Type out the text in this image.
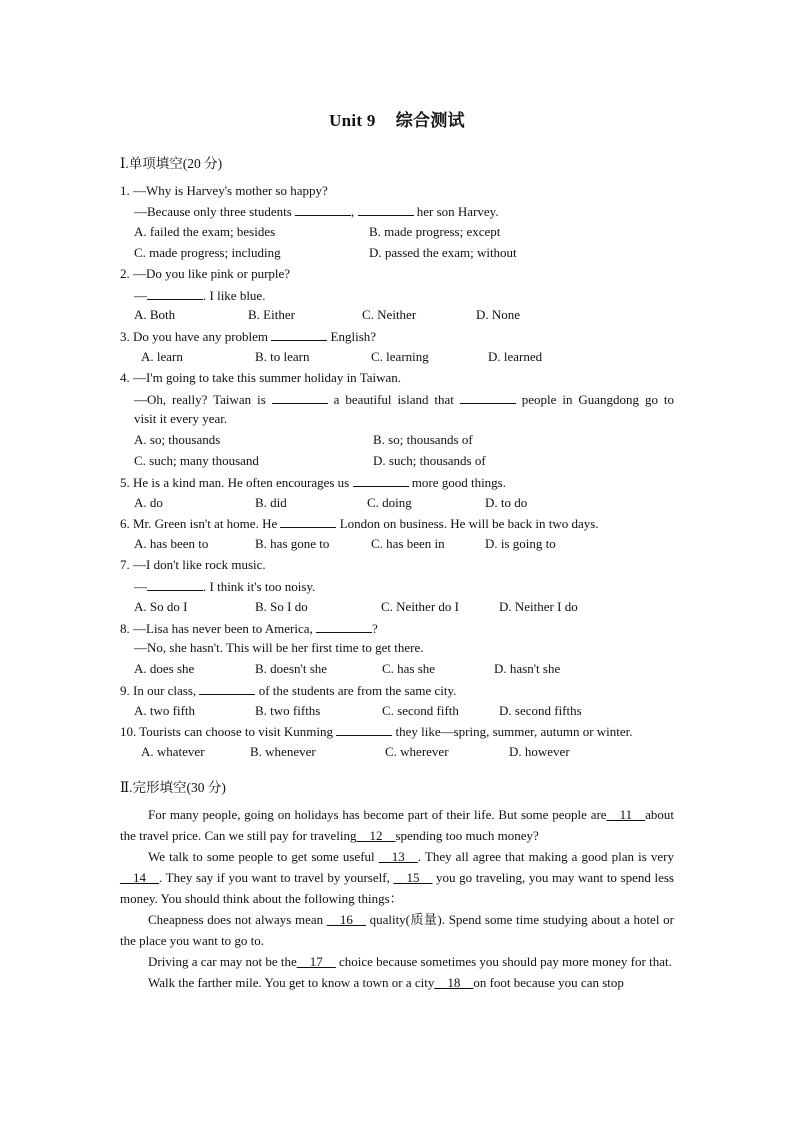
Unit 9 综合测试
Ⅰ.单项填空(20 分)
1. —Why is Harvey's mother so happy?
—Because only three students	,	her son Harvey.
A. failed the exam; besides	B. made progress; except
C. made progress; including	D. passed the exam; without
2. —Do you like pink or purple?
—	. I like blue.
A. Both	B. Either	C. Neither	D. None
3. Do you have any problem	English?
A. learn	B. to learn	C. learning	D. learned
4. —I'm going to take this summer holiday in Taiwan.
—Oh, really? Taiwan is	a beautiful island that	people in Guangdong go to
visit it every year.
A. so; thousands	B. so; thousands of
C. such; many thousand	D. such; thousands of
5. He is a kind man. He often encourages us	more good things.
A. do	B. did	C. doing	D. to do
6. Mr. Green isn't at home. He	London on business. He will be back in two days.
A. has been to	B. has gone to	C. has been in	D. is going to
7. —I don't like rock music.
—	. I think it's too noisy.
A. So do I	B. So I do	C. Neither do I	D. Neither I do
8. —Lisa has never been to America,	?
—No, she hasn't. This will be her first time to get there.
A. does she	B. doesn't she	C. has she	D. hasn't she
9. In our class,	of the students are from the same city.
A. two fifth	B. two fifths	C. second fifth	D. second fifths
10. Tourists can choose to visit Kunming	they like—spring, summer, autumn or winter.
A. whatever	B. whenever	C. wherever	D. however
Ⅱ.完形填空(30 分)

For many people, going on holidays has become part of their life. But some people are__11__about the travel price. Can we still pay for traveling__12__spending too much money?

We talk to some people to get some useful __13__. They all agree that making a good plan is very __14__. They say if you want to travel by yourself, __15__ you go traveling, you may want to spend less money. You should think about the following things：

Cheapness does not always mean __16__ quality(质量). Spend some time studying about a hotel or the place you want to go to.

Driving a car may not be the__17__ choice because sometimes you should pay more money for that.

Walk the farther mile. You get to know a town or a city__18__on foot because you can stop
